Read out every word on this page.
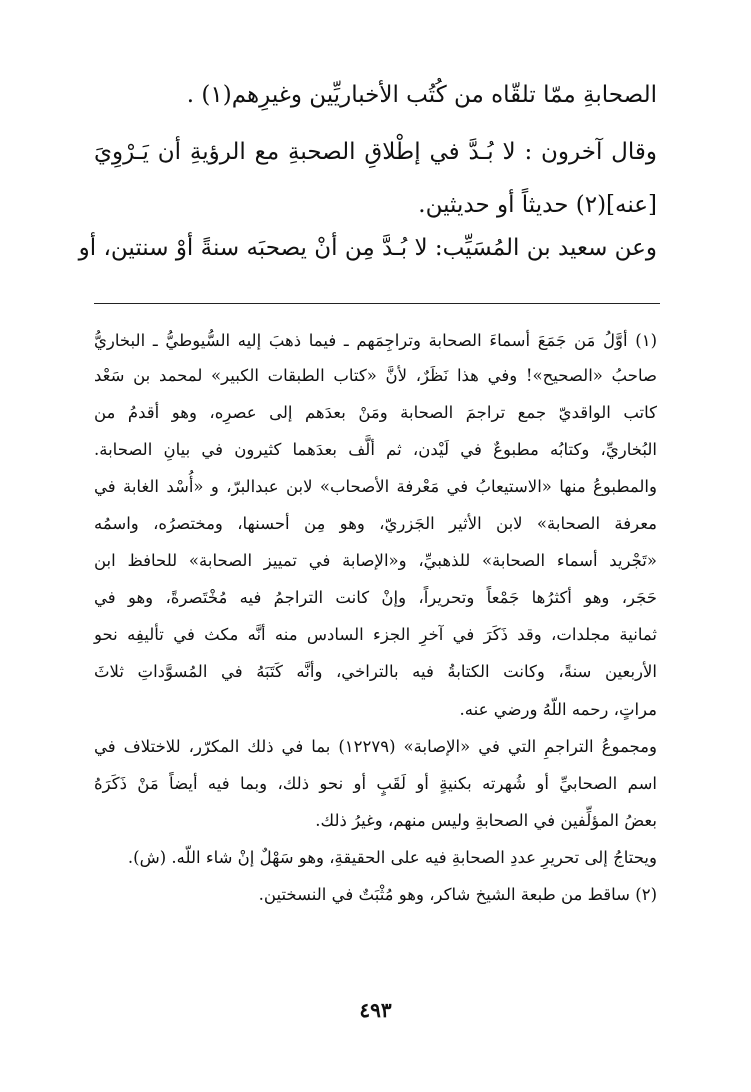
الصحابةِ ممّا تلقّاه من كُتُب الأخباريِّين وغيرِهم(١) .
وقال آخرون : لا بُـدَّ في إطْلاقِ الصحبةِ مع الرؤيةِ أن يَـرْوِيَ
[عنه](٢) حديثاً أو حديثين.
وعن سعيد بن المُسَيِّب: لا بُـدَّ مِن أنْ يصحبَه سنةً أوْ سنتين، أو
(١) أوَّلُ مَن جَمَعَ أسماءَ الصحابة وتراجِمَهم ـ فيما ذهبَ إليه السُّيوطيُّ ـ البخاريُّ
صاحبُ «الصحيح»! وفي هذا نَظَرٌ، لأنَّ «كتاب الطبقات الكبير» لمحمد بن سَعْد
كاتب الواقديّ جمع تراجمَ الصحابة ومَنْ بعدَهم إلى عصرِه، وهو أقدمُ من
البُخاريِّ، وكتابُه مطبوعٌ في لَيْدن، ثم ألَّف بعدَهما كثيرون في بيانِ الصحابة.
والمطبوعُ منها «الاستيعابُ في مَعْرفة الأصحاب» لابن عبدالبرّ، و «أُسْد الغابة في
معرفة الصحابة» لابن الأثير الجَزريّ، وهو مِن أحسنها، ومختصرُه، واسمُه
«تَجْريد أسماء الصحابة» للذهبيِّ، و«الإصابة في تمييز الصحابة» للحافظ ابن
حَجَر، وهو أكثرُها جَمْعاً وتحريراً، وإنْ كانت التراجمُ فيه مُخْتَصرةً، وهو في
ثمانية مجلدات، وقد ذَكَرَ في آخرِ الجزء السادس منه أنَّه مكث في تأليفِه نحو
الأربعين سنةً، وكانت الكتابةُ فيه بالتراخي، وأنَّه كَتَبَهُ في المُسوَّداتِ ثلاثَ
مراتٍ، رحمه اللّهُ ورضي عنه.
ومجموعُ التراجمِ التي في «الإصابة» (١٢٢٧٩) بما في ذلك المكرّر، للاختلاف في
اسم الصحابيِّ أو شُهرته بكنيةٍ أو لَقَبٍ أو نحو ذلك، وبما فيه أيضاً مَنْ ذَكَرَهُ
بعضُ المؤلِّفين في الصحابةِ وليس منهم، وغيرُ ذلك.
ويحتاجُ إلى تحريرِ عددِ الصحابةِ فيه على الحقيقةِ، وهو سَهْلٌ إنْ شاء اللّه. (ش).
(٢) ساقط من طبعة الشيخ شاكر، وهو مُثْبَتٌ في النسختين.
٤٩٣
